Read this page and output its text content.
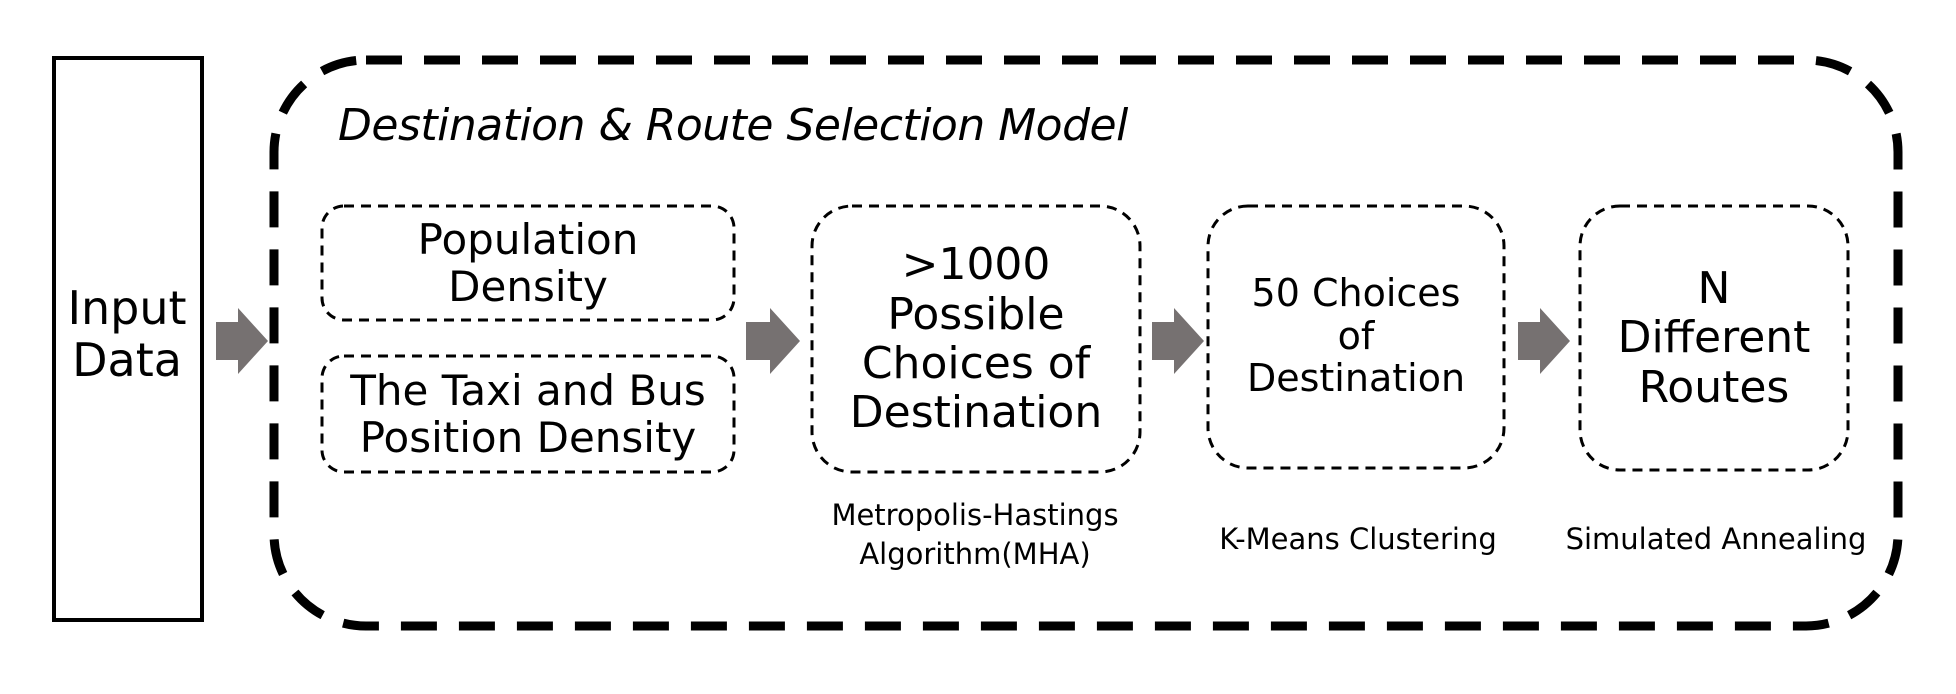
Input
Data
Destination & Route Selection Model
Population
Density
The Taxi and Bus
Position Density
>1000
Possible
Choices of
Destination
50 Choices
of
Destination
N
Different
Routes
Metropolis-Hastings
Algorithm(MHA)	K-Means Clustering	Simulated Annealing
